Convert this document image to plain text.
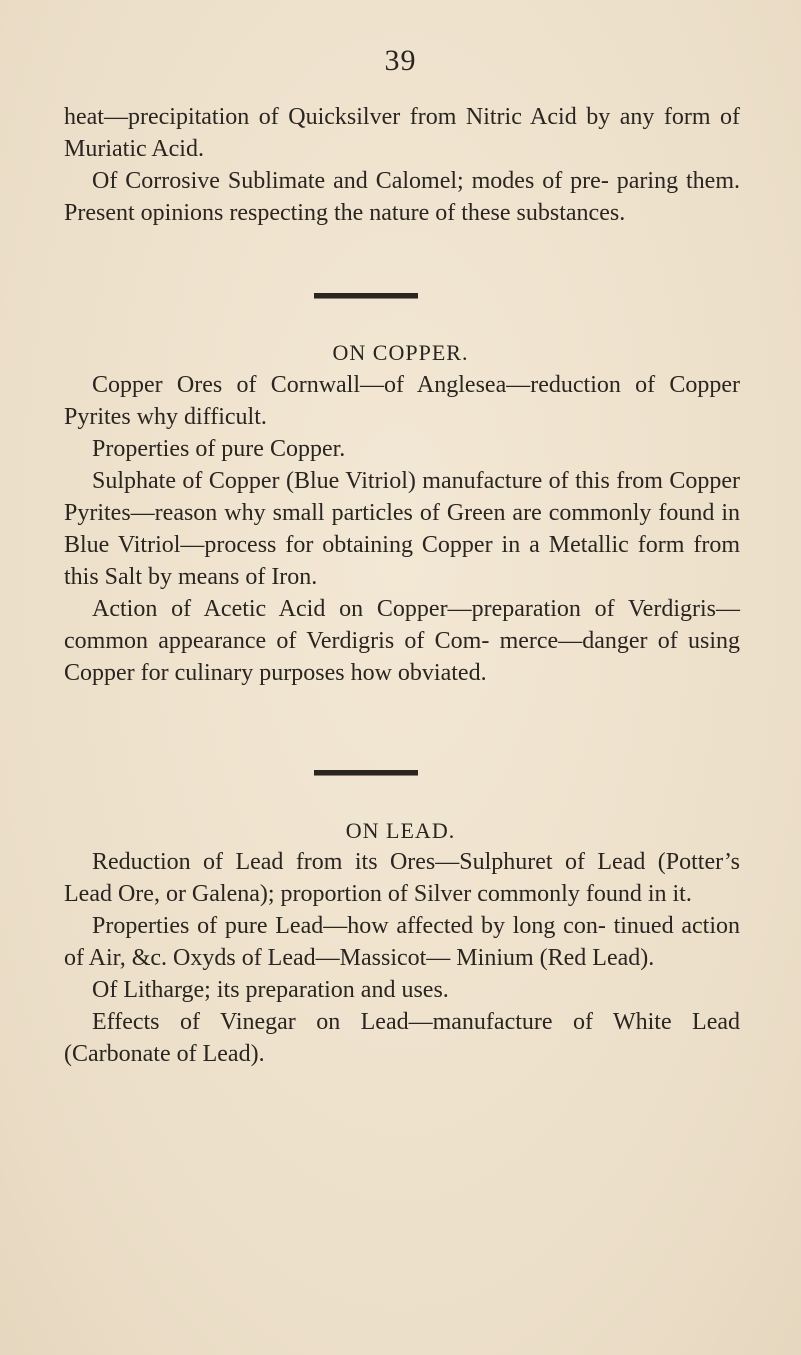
39

heat—precipitation of Quicksilver from Nitric Acid by any form of Muriatic Acid.

Of Corrosive Sublimate and Calomel; modes of pre- paring them. Present opinions respecting the nature of these substances.

ON COPPER.

Copper Ores of Cornwall—of Anglesea—reduction of Copper Pyrites why difficult.

Properties of pure Copper.

Sulphate of Copper (Blue Vitriol) manufacture of this from Copper Pyrites—reason why small particles of Green are commonly found in Blue Vitriol—process for obtaining Copper in a Metallic form from this Salt by means of Iron.

Action of Acetic Acid on Copper—preparation of Verdigris—common appearance of Verdigris of Com- merce—danger of using Copper for culinary purposes how obviated.

ON LEAD.

Reduction of Lead from its Ores—Sulphuret of Lead (Potter’s Lead Ore, or Galena); proportion of Silver commonly found in it.

Properties of pure Lead—how affected by long con- tinued action of Air, &c. Oxyds of Lead—Massicot— Minium (Red Lead).

Of Litharge; its preparation and uses.

Effects of Vinegar on Lead—manufacture of White Lead (Carbonate of Lead).
